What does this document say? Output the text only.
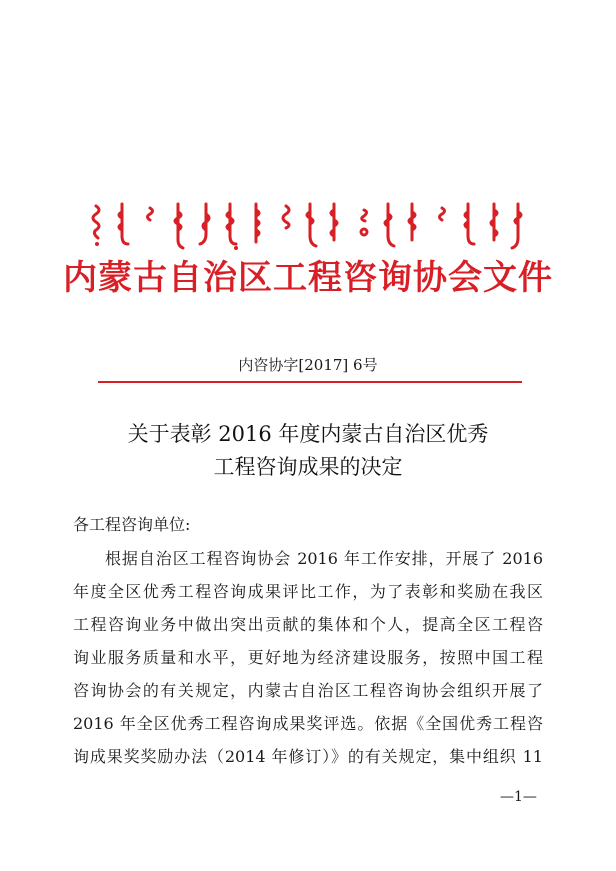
内蒙古自治区工程咨询协会文件
内咨协字[2017] 6号
关于表彰 2016 年度内蒙古自治区优秀
工程咨询成果的决定
各工程咨询单位:
根据自治区工程咨询协会 2016 年工作安排，开展了 2016
年度全区优秀工程咨询成果评比工作，为了表彰和奖励在我区
工程咨询业务中做出突出贡献的集体和个人，提高全区工程咨
询业服务质量和水平，更好地为经济建设服务，按照中国工程
咨询协会的有关规定，内蒙古自治区工程咨询协会组织开展了
2016 年全区优秀工程咨询成果奖评选。依据《全国优秀工程咨
询成果奖奖励办法（2014 年修订）》的有关规定，集中组织 11
—1—
